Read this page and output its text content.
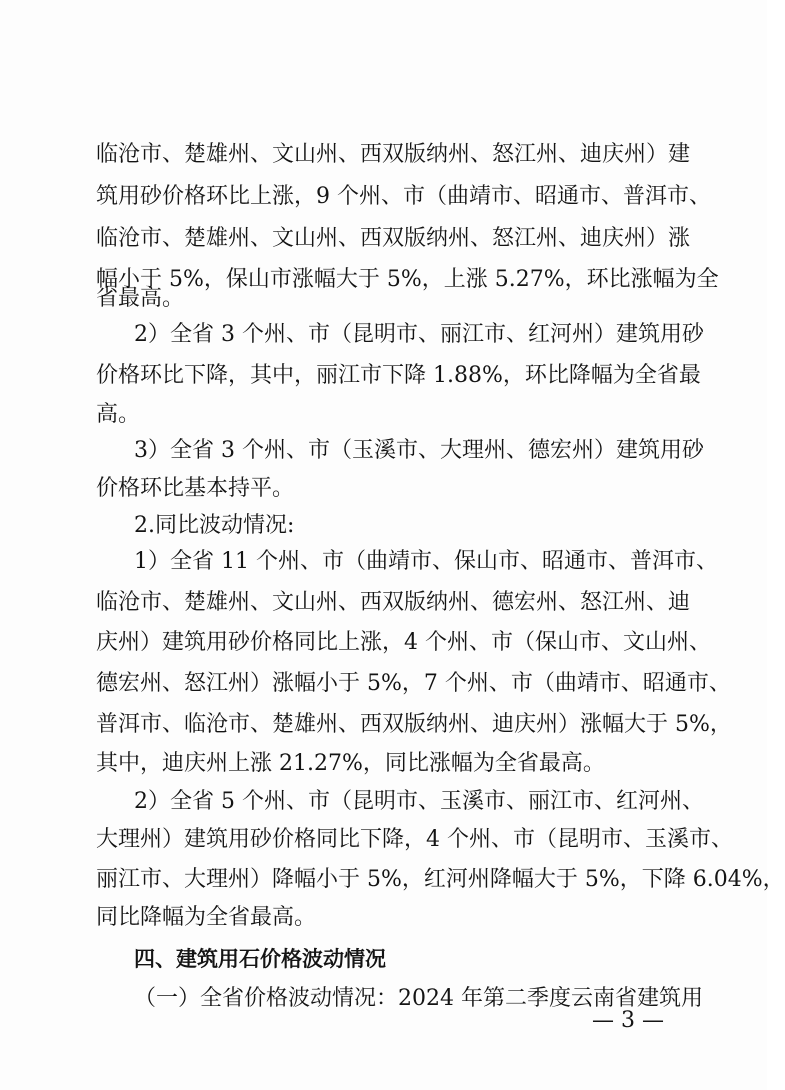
临沧市、楚雄州、文山州、西双版纳州、怒江州、迪庆州）建
筑用砂价格环比上涨，9 个州、市（曲靖市、昭通市、普洱市、
临沧市、楚雄州、文山州、西双版纳州、怒江州、迪庆州）涨
幅小于 5%，保山市涨幅大于 5%，上涨 5.27%，环比涨幅为全
省最高。
2）全省 3 个州、市（昆明市、丽江市、红河州）建筑用砂
价格环比下降，其中，丽江市下降 1.88%，环比降幅为全省最
高。
3）全省 3 个州、市（玉溪市、大理州、德宏州）建筑用砂
价格环比基本持平。
2.同比波动情况:
1）全省 11 个州、市（曲靖市、保山市、昭通市、普洱市、
临沧市、楚雄州、文山州、西双版纳州、德宏州、怒江州、迪
庆州）建筑用砂价格同比上涨，4 个州、市（保山市、文山州、
德宏州、怒江州）涨幅小于 5%，7 个州、市（曲靖市、昭通市、
普洱市、临沧市、楚雄州、西双版纳州、迪庆州）涨幅大于 5%，
其中，迪庆州上涨 21.27%，同比涨幅为全省最高。
2）全省 5 个州、市（昆明市、玉溪市、丽江市、红河州、
大理州）建筑用砂价格同比下降，4 个州、市（昆明市、玉溪市、
丽江市、大理州）降幅小于 5%，红河州降幅大于 5%，下降 6.04%，
同比降幅为全省最高。
四、建筑用石价格波动情况
（一）全省价格波动情况：2024 年第二季度云南省建筑用
— 3 —
